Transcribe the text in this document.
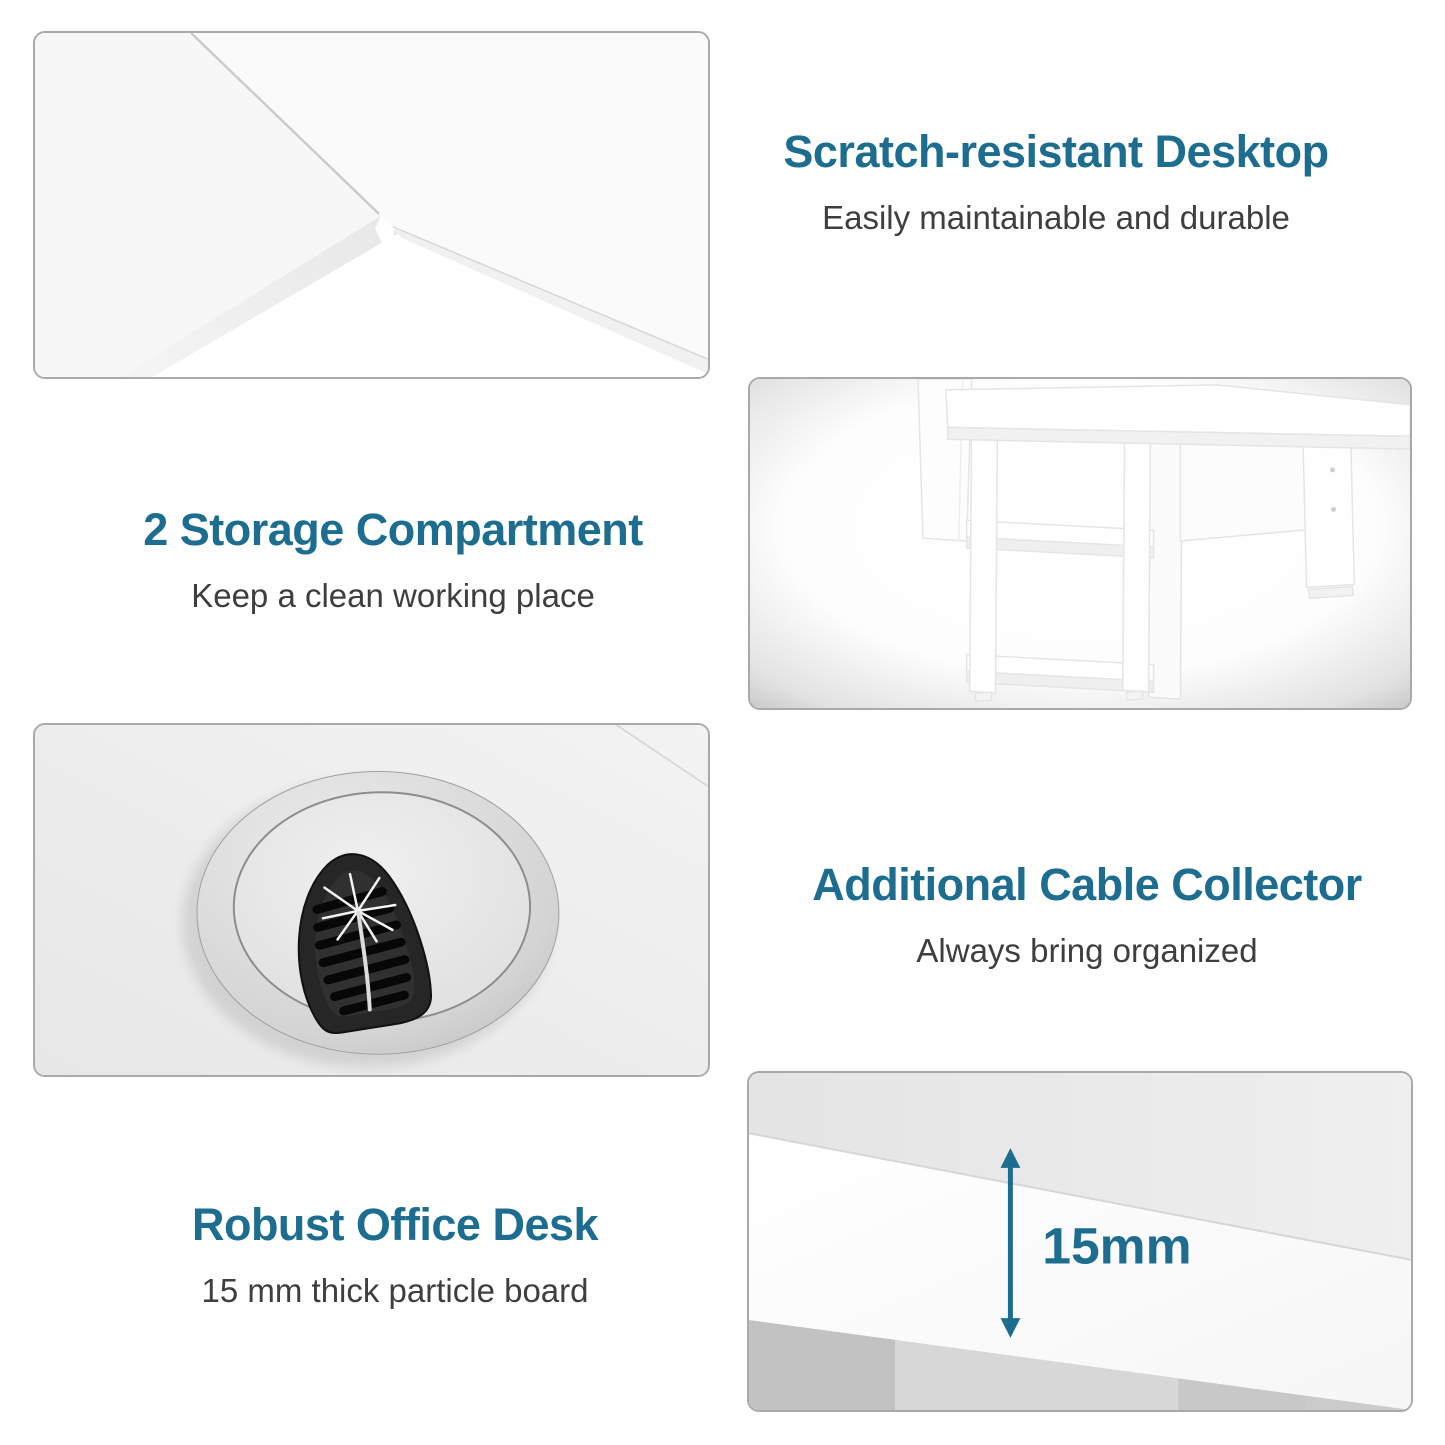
Scratch-resistant Desktop

Easily maintainable and durable

2 Storage Compartment

Keep a clean working place

Additional Cable Collector

Always bring organized

Robust Office Desk

15 mm thick particle board

15mm
